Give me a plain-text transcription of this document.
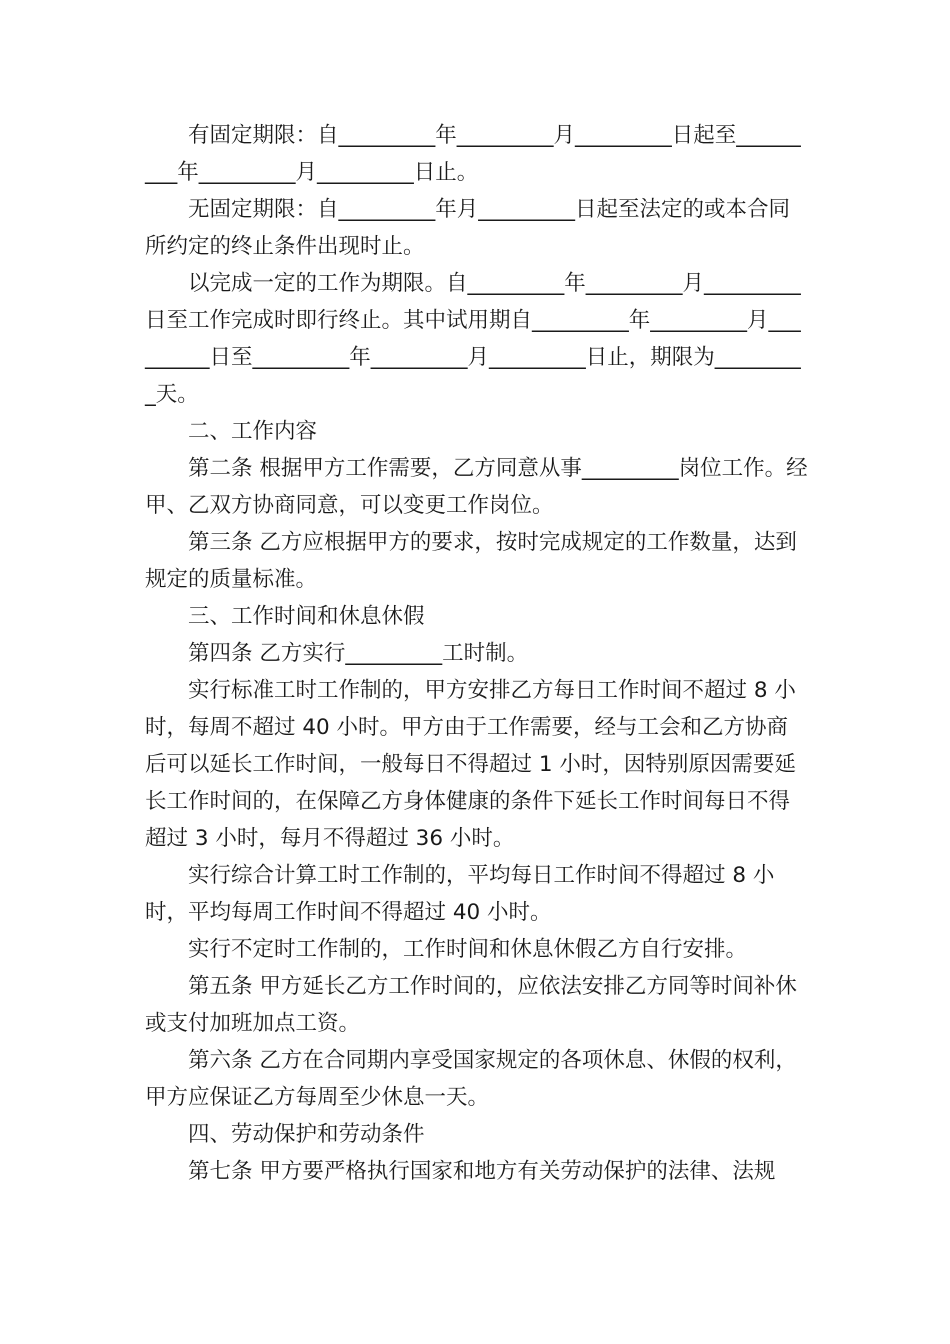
有固定期限：自_________年_________月_________日起至_________年_________月_________日止。

无固定期限：自_________年月_________日起至法定的或本合同所约定的终止条件出现时止。

以完成一定的工作为期限。自_________年_________月_________日至工作完成时即行终止。其中试用期自_________年_________月_________日至_________年_________月_________日止，期限为_________天。

二、工作内容

第二条 根据甲方工作需要，乙方同意从事_________岗位工作。经甲、乙双方协商同意，可以变更工作岗位。

第三条 乙方应根据甲方的要求，按时完成规定的工作数量，达到规定的质量标准。

三、工作时间和休息休假

第四条 乙方实行_________工时制。

实行标准工时工作制的，甲方安排乙方每日工作时间不超过 8 小时，每周不超过 40 小时。甲方由于工作需要，经与工会和乙方协商后可以延长工作时间，一般每日不得超过 1 小时，因特别原因需要延长工作时间的，在保障乙方身体健康的条件下延长工作时间每日不得超过 3 小时，每月不得超过 36 小时。

实行综合计算工时工作制的，平均每日工作时间不得超过 8 小时，平均每周工作时间不得超过 40 小时。

实行不定时工作制的，工作时间和休息休假乙方自行安排。

第五条 甲方延长乙方工作时间的，应依法安排乙方同等时间补休或支付加班加点工资。

第六条 乙方在合同期内享受国家规定的各项休息、休假的权利，甲方应保证乙方每周至少休息一天。

四、劳动保护和劳动条件

第七条 甲方要严格执行国家和地方有关劳动保护的法律、法规
